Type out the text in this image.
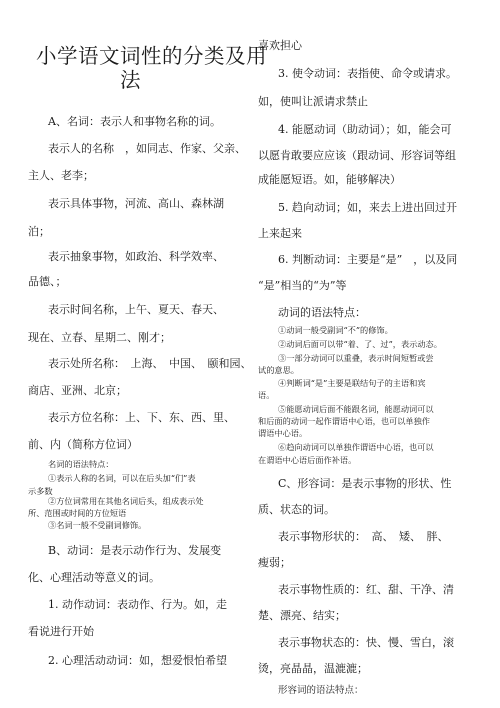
小学语文词性的分类及用
法
A、名词：表示人和事物名称的词。
表示人的名称　，如同志、作家、父亲、
主人、老李；
表示具体事物，河流、高山、森林湖
泊；
表示抽象事物，如政治、科学效率、
品德、；
表示时间名称，上午、夏天、春天、
现在、立春、星期二、刚才；
表示处所名称：　上海、　中国、　颐和园、
商店、亚洲、北京；
表示方位名称：上、下、东、西、里、
前、内（简称方位词）
名词的语法特点：
①表示人称的名词，可以在后头加“们”表
示多数
②方位词常用在其他名词后头，组成表示处
所、范围或时间的方位短语
③名词一般不受副词修饰。
B、动词：是表示动作行为、发展变
化、心理活动等意义的词。
1. 动作动词：表动作、行为。如，走
看说进行开始
2. 心理活动动词：如，想爱恨怕希望
喜欢担心
3. 使令动词：表指使、命令或请求。
如，使叫让派请求禁止
4. 能愿动词（助动词）；如，能会可
以愿肯敢要应应该（跟动词、形容词等组
成能愿短语。如，能够解决）
5. 趋向动词；如，来去上进出回过开
上来起来
6. 判断动词：主要是“是”　，以及同
“是”相当的“为”等
动词的语法特点：
①动词一般受副词“不”的修饰。
②动词后面可以带“着、了、过”，表示动态。
③一部分动词可以重叠，表示时间短暂或尝
试的意思。
④判断词“是”主要是联结句子的主语和宾
语。
⑤能愿动词后面不能跟名词，能愿动词可以
和后面的动词一起作谓语中心语，也可以单独作
谓语中心语。
⑥趋向动词可以单独作谓语中心语，也可以
在谓语中心语后面作补语。
C、形容词：是表示事物的形状、性
质、状态的词。
表示事物形状的：　高、　矮、　胖、
瘦弱；
表示事物性质的：红、甜、干净、清
楚、漂亮、结实；
表示事物状态的：快、慢、雪白，滚
烫，亮晶晶，温漉漉；
形容词的语法特点：
